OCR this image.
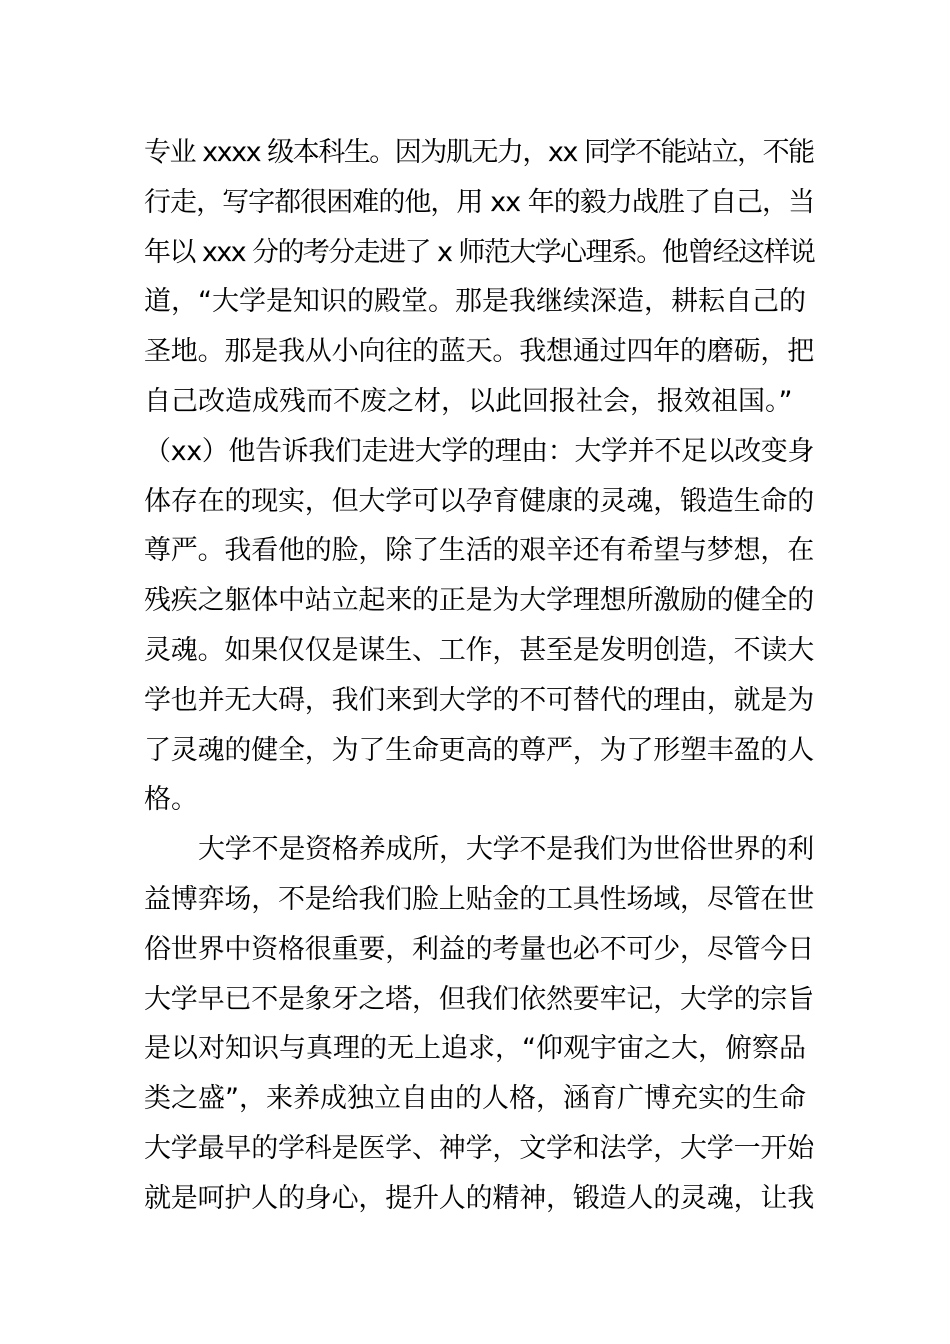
专业 xxxx 级本科生。因为肌无力，xx 同学不能站立，不能
行走，写字都很困难的他，用 xx 年的毅力战胜了自己，当
年以 xxx 分的考分走进了 x 师范大学心理系。他曾经这样说
道，“大学是知识的殿堂。那是我继续深造，耕耘自己的
圣地。那是我从小向往的蓝天。我想通过四年的磨砺，把
自己改造成残而不废之材，以此回报社会，报效祖国。”
（xx）他告诉我们走进大学的理由：大学并不足以改变身
体存在的现实，但大学可以孕育健康的灵魂，锻造生命的
尊严。我看他的脸，除了生活的艰辛还有希望与梦想，在
残疾之躯体中站立起来的正是为大学理想所激励的健全的
灵魂。如果仅仅是谋生、工作，甚至是发明创造，不读大
学也并无大碍，我们来到大学的不可替代的理由，就是为
了灵魂的健全，为了生命更高的尊严，为了形塑丰盈的人
格。
大学不是资格养成所，大学不是我们为世俗世界的利
益博弈场，不是给我们脸上贴金的工具性场域，尽管在世
俗世界中资格很重要，利益的考量也必不可少，尽管今日
大学早已不是象牙之塔，但我们依然要牢记，大学的宗旨
是以对知识与真理的无上追求，“仰观宇宙之大，俯察品
类之盛”，来养成独立自由的人格，涵育广博充实的生命
大学最早的学科是医学、神学，文学和法学，大学一开始
就是呵护人的身心，提升人的精神，锻造人的灵魂，让我
